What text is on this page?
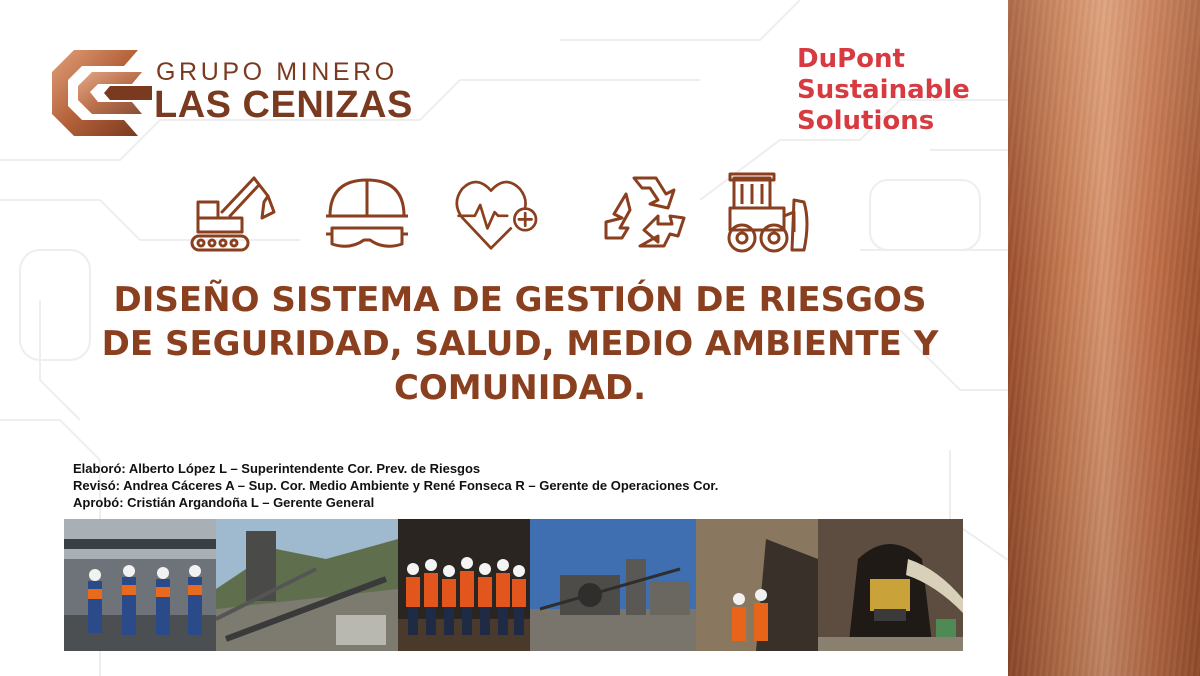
GRUPO MINERO
LAS CENIZAS
DuPont
Sustainable
Solutions
DISEÑO SISTEMA DE GESTIÓN DE RIESGOS
DE SEGURIDAD, SALUD, MEDIO AMBIENTE Y
COMUNIDAD.
Elaboró: Alberto López L – Superintendente Cor. Prev. de Riesgos
Revisó: Andrea Cáceres A – Sup. Cor. Medio Ambiente y René Fonseca R – Gerente de Operaciones Cor.
Aprobó: Cristián Argandoña L – Gerente General
